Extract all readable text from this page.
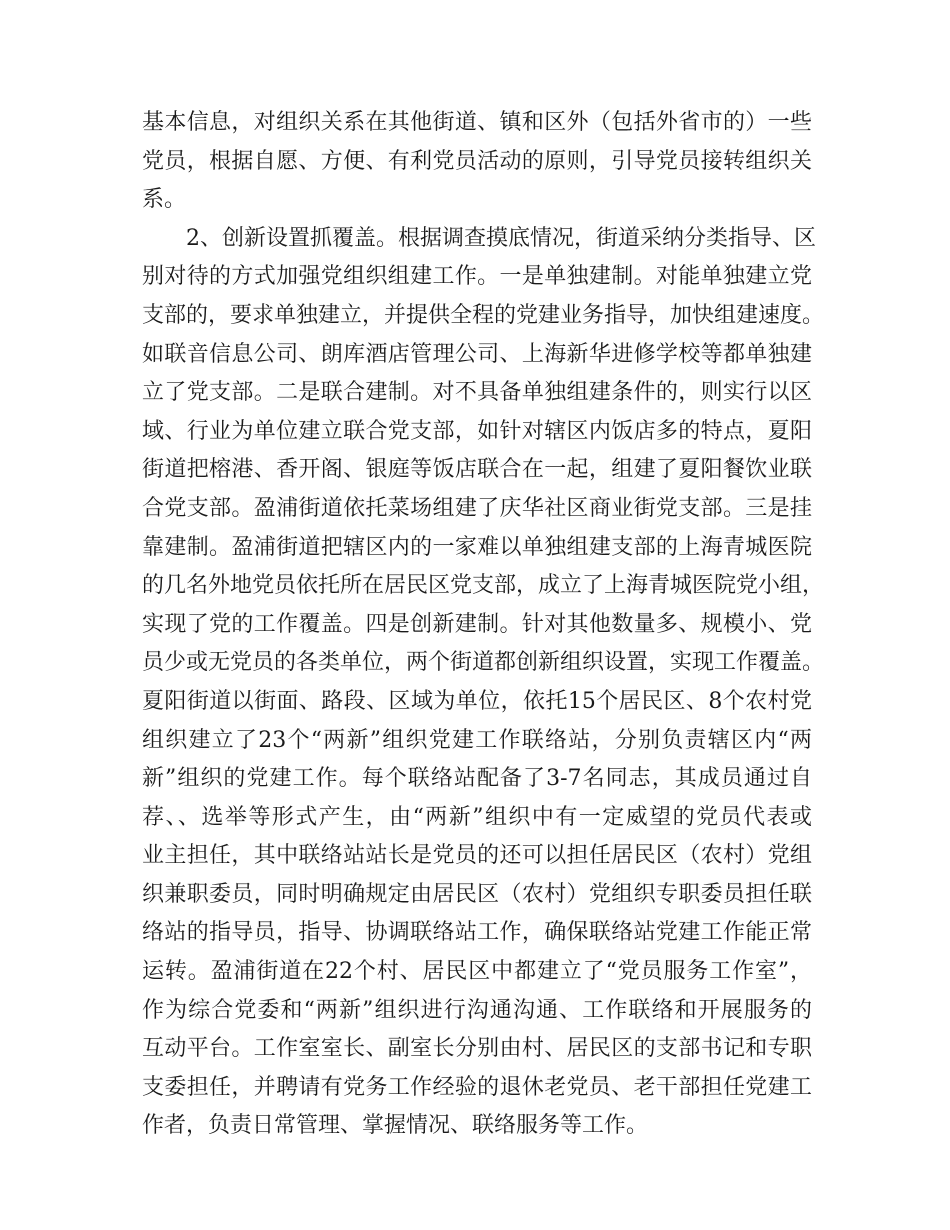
基本信息，对组织关系在其他街道、镇和区外（包括外省市的）一些
党员，根据自愿、方便、有利党员活动的原则，引导党员接转组织关
系。
2、创新设置抓覆盖。根据调查摸底情况，街道采纳分类指导、区
别对待的方式加强党组织组建工作。一是单独建制。对能单独建立党
支部的，要求单独建立，并提供全程的党建业务指导，加快组建速度。
如联音信息公司、朗库酒店管理公司、上海新华进修学校等都单独建
立了党支部。二是联合建制。对不具备单独组建条件的，则实行以区
域、行业为单位建立联合党支部，如针对辖区内饭店多的特点，夏阳
街道把榕港、香开阁、银庭等饭店联合在一起，组建了夏阳餐饮业联
合党支部。盈浦街道依托菜场组建了庆华社区商业街党支部。三是挂
靠建制。盈浦街道把辖区内的一家难以单独组建支部的上海青城医院
的几名外地党员依托所在居民区党支部，成立了上海青城医院党小组，
实现了党的工作覆盖。四是创新建制。针对其他数量多、规模小、党
员少或无党员的各类单位，两个街道都创新组织设置，实现工作覆盖。
夏阳街道以街面、路段、区域为单位，依托15个居民区、8个农村党
组织建立了23个“两新”组织党建工作联络站，分别负责辖区内“两
新”组织的党建工作。每个联络站配备了3-7名同志，其成员通过自
荐、、选举等形式产生，由“两新”组织中有一定威望的党员代表或
业主担任，其中联络站站长是党员的还可以担任居民区（农村）党组
织兼职委员，同时明确规定由居民区（农村）党组织专职委员担任联
络站的指导员，指导、协调联络站工作，确保联络站党建工作能正常
运转。盈浦街道在22个村、居民区中都建立了“党员服务工作室”，
作为综合党委和“两新”组织进行沟通沟通、工作联络和开展服务的
互动平台。工作室室长、副室长分别由村、居民区的支部书记和专职
支委担任，并聘请有党务工作经验的退休老党员、老干部担任党建工
作者，负责日常管理、掌握情况、联络服务等工作。
